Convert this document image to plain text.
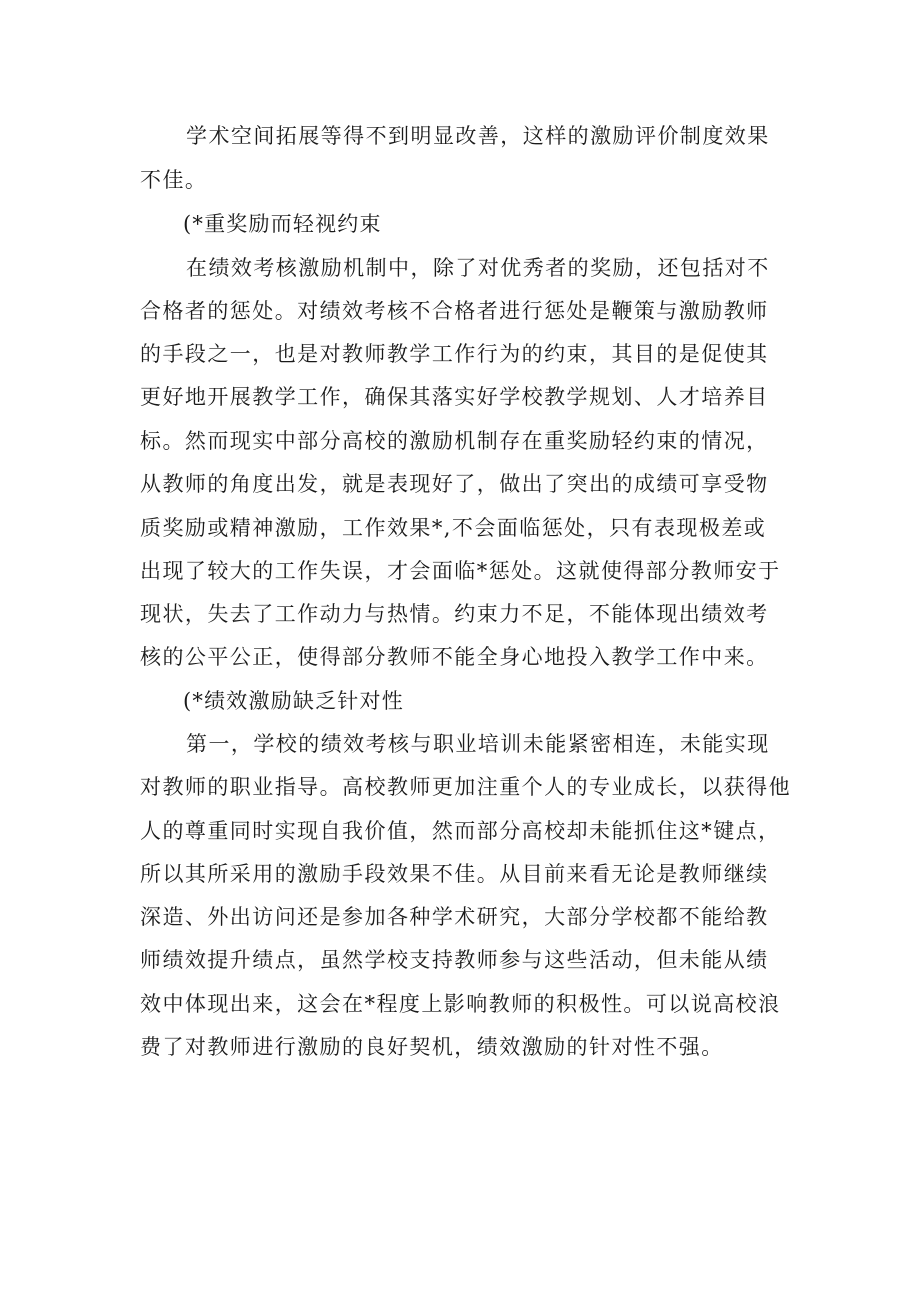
学术空间拓展等得不到明显改善，这样的激励评价制度效果
不佳。
(*重奖励而轻视约束
在绩效考核激励机制中，除了对优秀者的奖励，还包括对不
合格者的惩处。对绩效考核不合格者进行惩处是鞭策与激励教师
的手段之一，也是对教师教学工作行为的约束，其目的是促使其
更好地开展教学工作，确保其落实好学校教学规划、人才培养目
标。然而现实中部分高校的激励机制存在重奖励轻约束的情况，
从教师的角度出发，就是表现好了，做出了突出的成绩可享受物
质奖励或精神激励，工作效果*,不会面临惩处，只有表现极差或
出现了较大的工作失误，才会面临*惩处。这就使得部分教师安于
现状，失去了工作动力与热情。约束力不足，不能体现出绩效考
核的公平公正，使得部分教师不能全身心地投入教学工作中来。
(*绩效激励缺乏针对性
第一，学校的绩效考核与职业培训未能紧密相连，未能实现
对教师的职业指导。高校教师更加注重个人的专业成长，以获得他
人的尊重同时实现自我价值，然而部分高校却未能抓住这*键点，
所以其所采用的激励手段效果不佳。从目前来看无论是教师继续
深造、外出访问还是参加各种学术研究，大部分学校都不能给教
师绩效提升绩点，虽然学校支持教师参与这些活动，但未能从绩
效中体现出来，这会在*程度上影响教师的积极性。可以说高校浪
费了对教师进行激励的良好契机，绩效激励的针对性不强。
